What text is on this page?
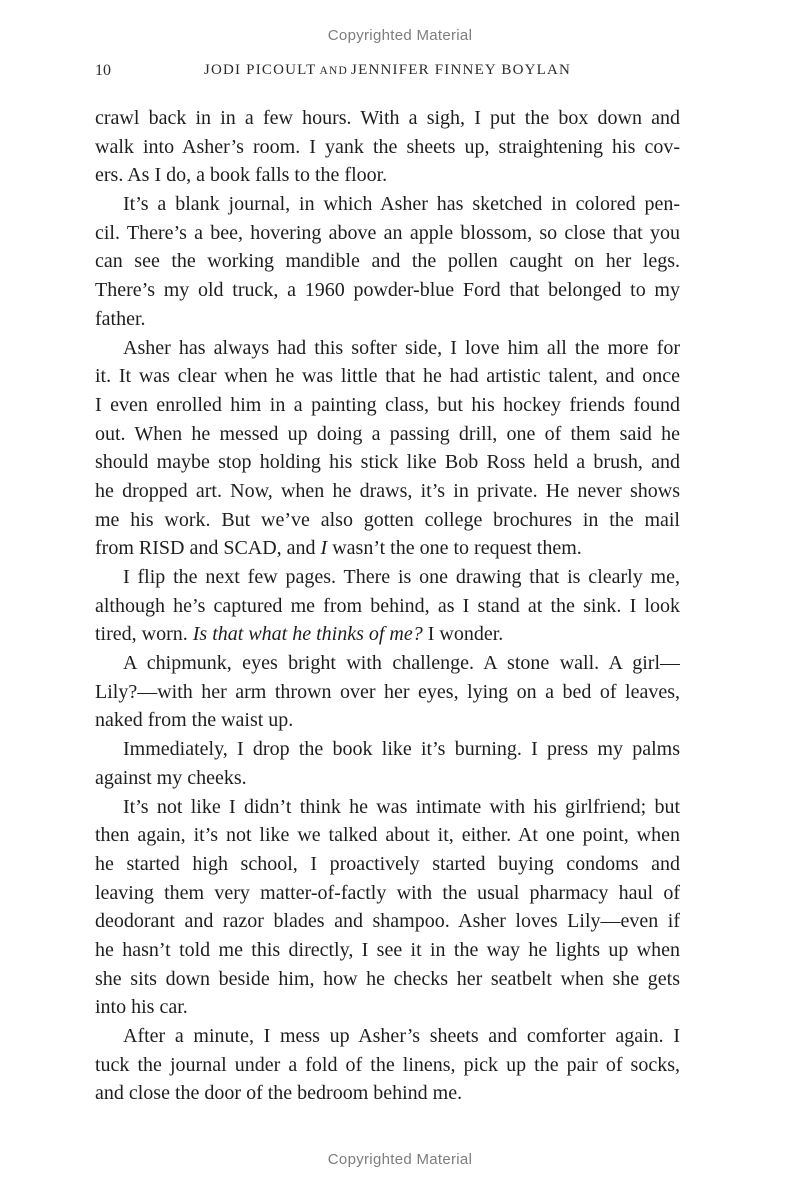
Copyrighted Material
10	JODI PICOULT AND JENNIFER FINNEY BOYLAN
crawl back in in a few hours. With a sigh, I put the box down and
walk into Asher’s room. I yank the sheets up, straightening his cov-
ers. As I do, a book falls to the floor.
It’s a blank journal, in which Asher has sketched in colored pen-
cil. There’s a bee, hovering above an apple blossom, so close that you
can see the working mandible and the pollen caught on her legs.
There’s my old truck, a 1960 powder-blue Ford that belonged to my
father.
Asher has always had this softer side, I love him all the more for
it. It was clear when he was little that he had artistic talent, and once
I even enrolled him in a painting class, but his hockey friends found
out. When he messed up doing a passing drill, one of them said he
should maybe stop holding his stick like Bob Ross held a brush, and
he dropped art. Now, when he draws, it’s in private. He never shows
me his work. But we’ve also gotten college brochures in the mail
from RISD and SCAD, and I wasn’t the one to request them.
I flip the next few pages. There is one drawing that is clearly me,
although he’s captured me from behind, as I stand at the sink. I look
tired, worn. Is that what he thinks of me? I wonder.
A chipmunk, eyes bright with challenge. A stone wall. A girl—
Lily?—with her arm thrown over her eyes, lying on a bed of leaves,
naked from the waist up.
Immediately, I drop the book like it’s burning. I press my palms
against my cheeks.
It’s not like I didn’t think he was intimate with his girlfriend; but
then again, it’s not like we talked about it, either. At one point, when
he started high school, I proactively started buying condoms and
leaving them very matter-of-factly with the usual pharmacy haul of
deodorant and razor blades and shampoo. Asher loves Lily—even if
he hasn’t told me this directly, I see it in the way he lights up when
she sits down beside him, how he checks her seatbelt when she gets
into his car.
After a minute, I mess up Asher’s sheets and comforter again. I
tuck the journal under a fold of the linens, pick up the pair of socks,
and close the door of the bedroom behind me.
Copyrighted Material
